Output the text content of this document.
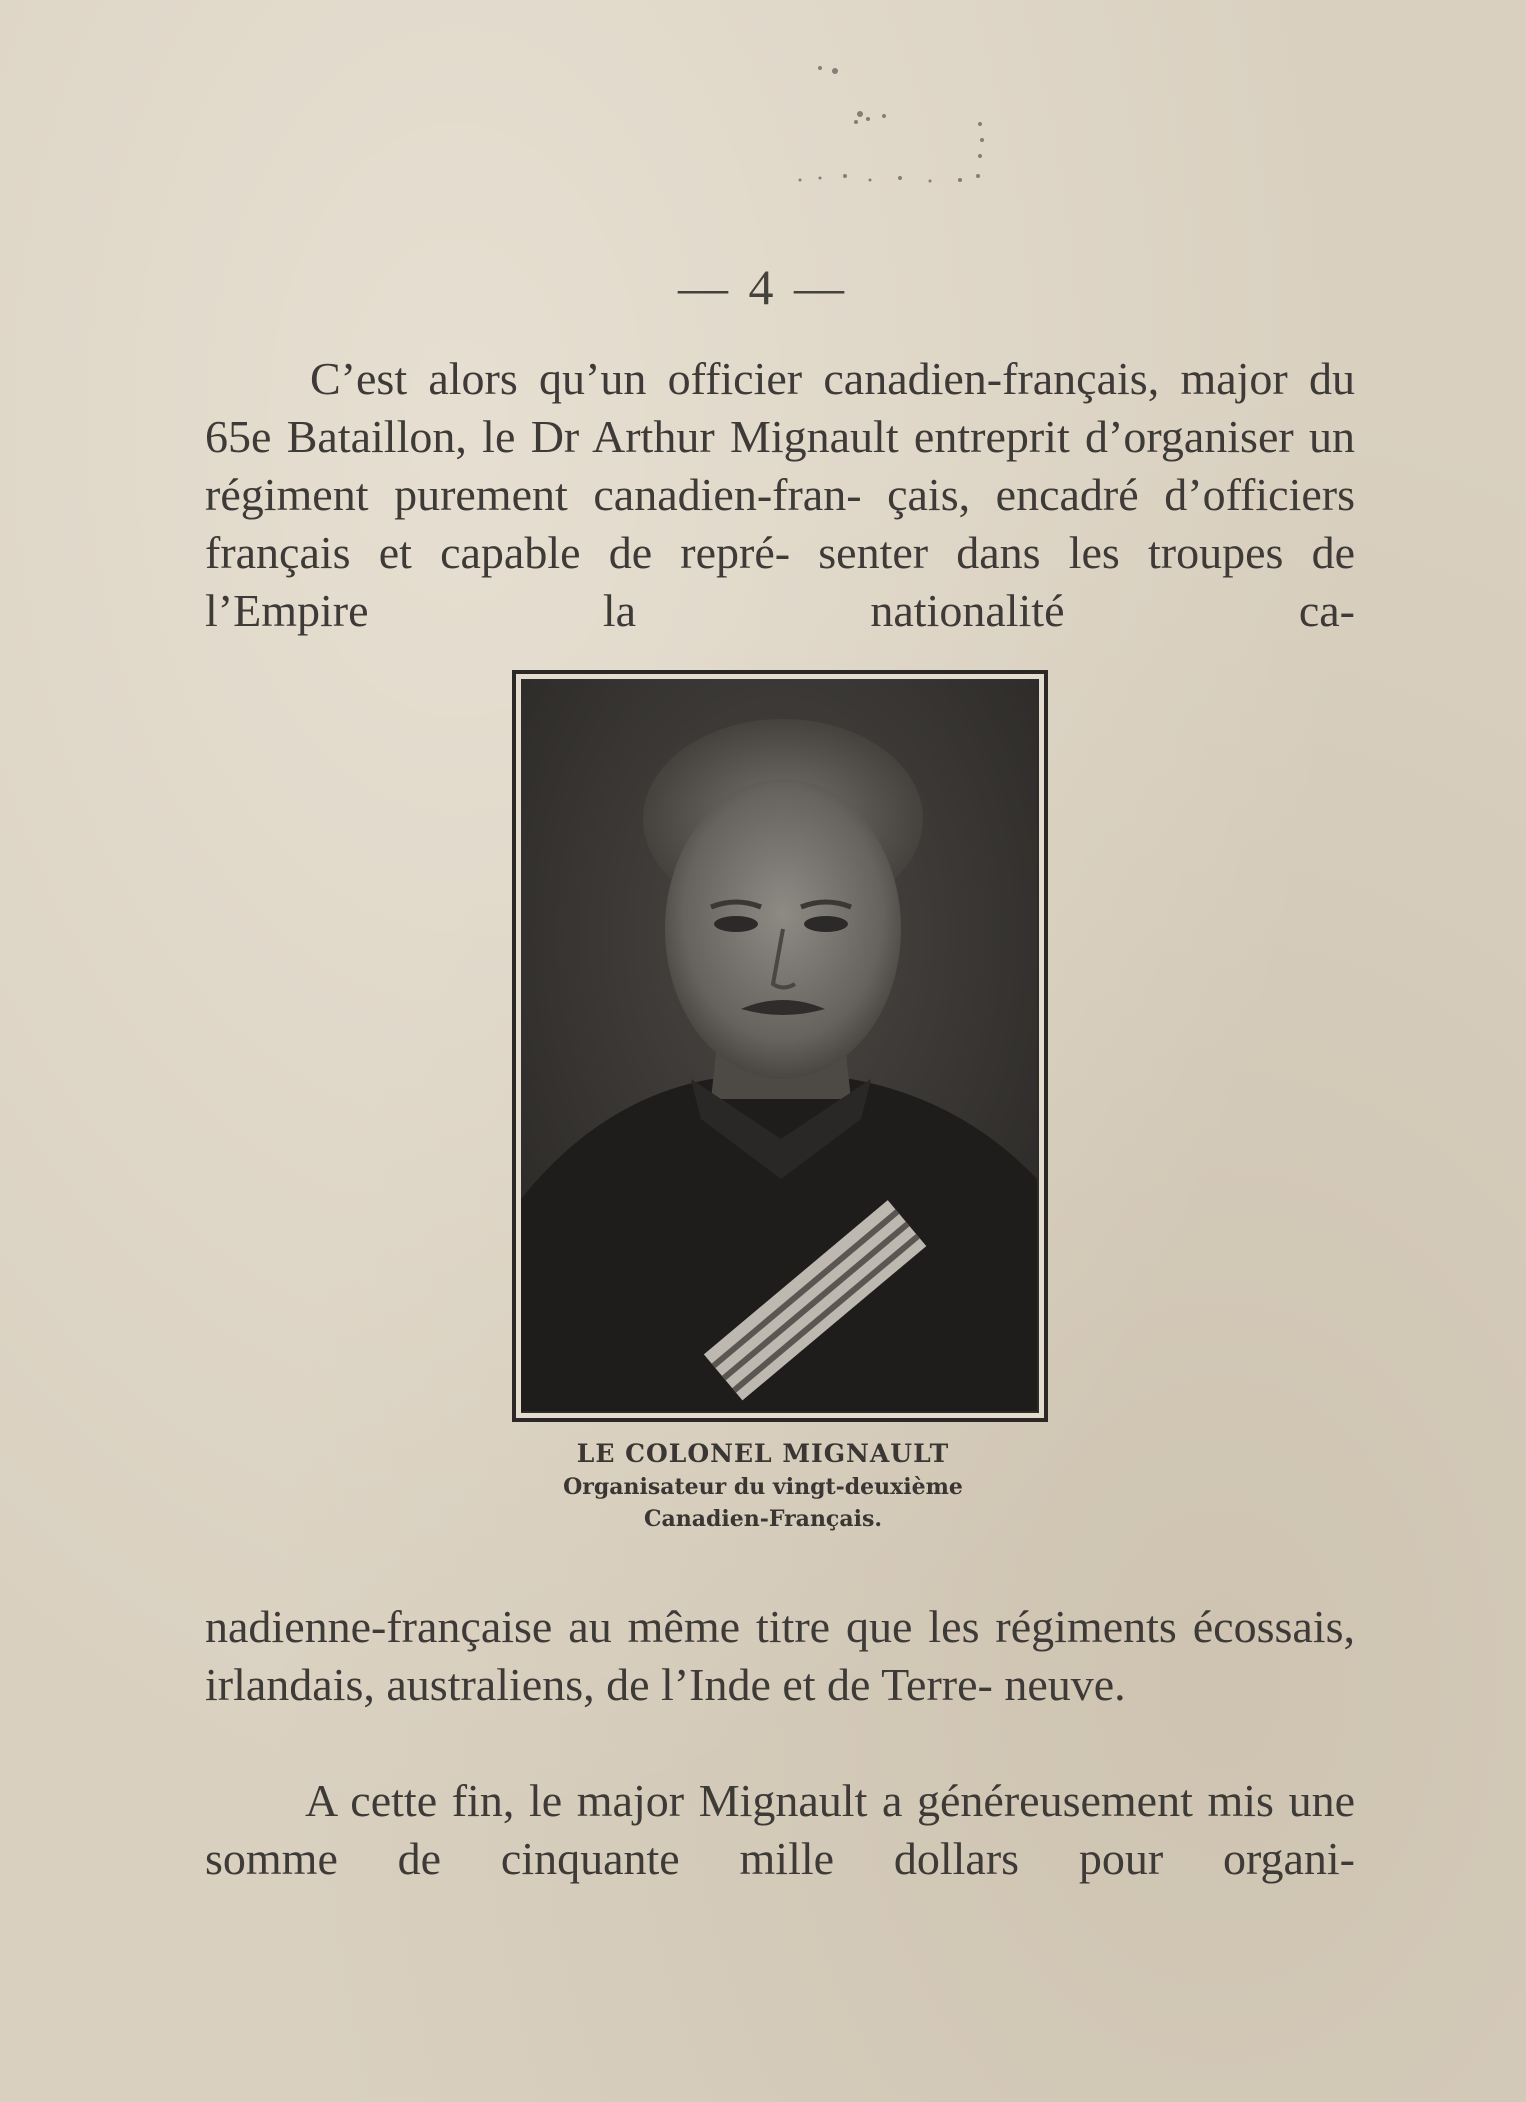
— 4 —

C’est alors qu’un officier canadien-français, major du 65e Bataillon, le Dr Arthur Mignault entreprit d’organiser un régiment purement canadien-fran- çais, encadré d’officiers français et capable de repré- senter dans les troupes de l’Empire la nationalité ca-

LE COLONEL MIGNAULT
Organisateur du vingt-deuxième
Canadien-Français.

nadienne-française au même titre que les régiments écossais, irlandais, australiens, de l’Inde et de Terre- neuve.

A cette fin, le major Mignault a généreusement mis une somme de cinquante mille dollars pour organi-
